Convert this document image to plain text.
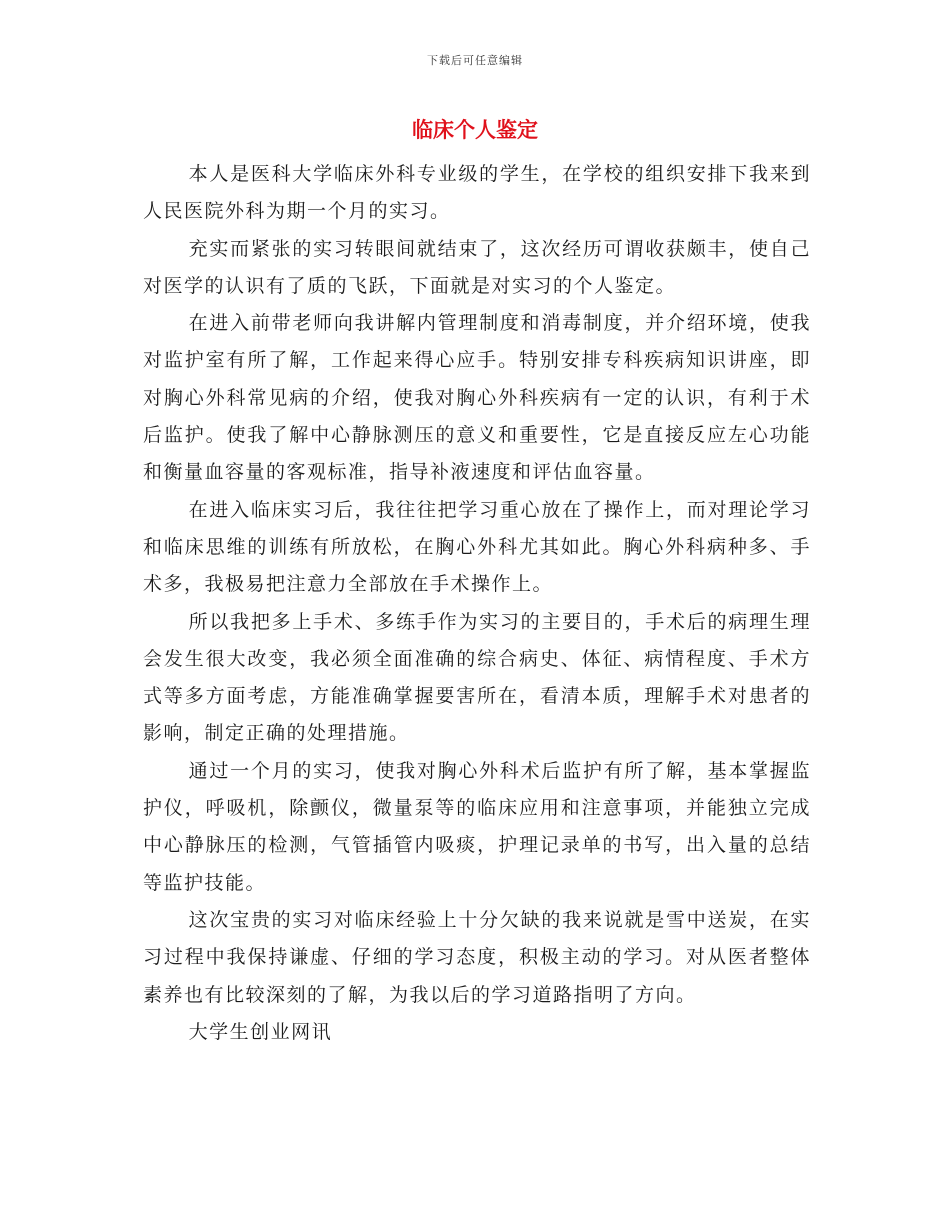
下载后可任意编辑
临床个人鉴定

本人是医科大学临床外科专业级的学生，在学校的组织安排下我来到人民医院外科为期一个月的实习。

充实而紧张的实习转眼间就结束了，这次经历可谓收获颇丰，使自己对医学的认识有了质的飞跃，下面就是对实习的个人鉴定。

在进入前带老师向我讲解内管理制度和消毒制度，并介绍环境，使我对监护室有所了解，工作起来得心应手。特别安排专科疾病知识讲座，即对胸心外科常见病的介绍，使我对胸心外科疾病有一定的认识，有利于术后监护。使我了解中心静脉测压的意义和重要性，它是直接反应左心功能和衡量血容量的客观标准，指导补液速度和评估血容量。

在进入临床实习后，我往往把学习重心放在了操作上，而对理论学习和临床思维的训练有所放松，在胸心外科尤其如此。胸心外科病种多、手术多，我极易把注意力全部放在手术操作上。

所以我把多上手术、多练手作为实习的主要目的，手术后的病理生理会发生很大改变，我必须全面准确的综合病史、体征、病情程度、手术方式等多方面考虑，方能准确掌握要害所在，看清本质，理解手术对患者的影响，制定正确的处理措施。

通过一个月的实习，使我对胸心外科术后监护有所了解，基本掌握监护仪，呼吸机，除颤仪，微量泵等的临床应用和注意事项，并能独立完成中心静脉压的检测，气管插管内吸痰，护理记录单的书写，出入量的总结等监护技能。

这次宝贵的实习对临床经验上十分欠缺的我来说就是雪中送炭，在实习过程中我保持谦虚、仔细的学习态度，积极主动的学习。对从医者整体素养也有比较深刻的了解，为我以后的学习道路指明了方向。

大学生创业网讯
